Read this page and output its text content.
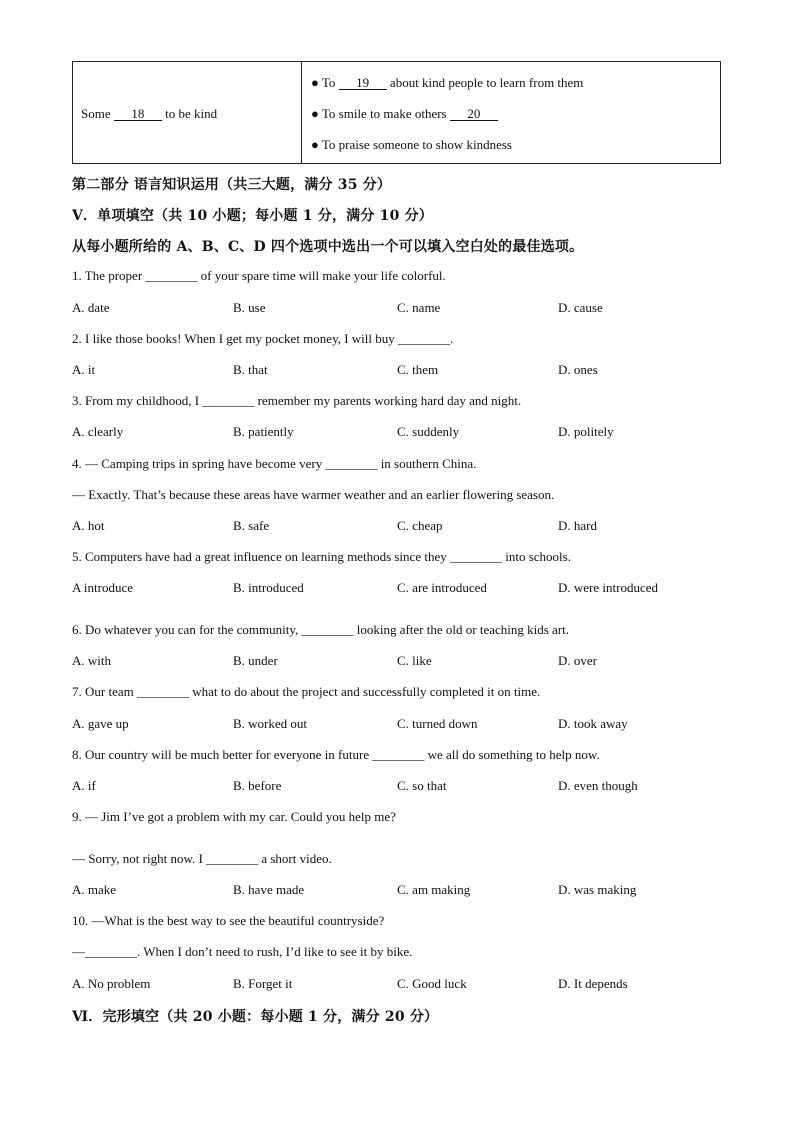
Some 18 to be kind
● To 19 about kind people to learn from them
● To smile to make others 20
● To praise someone to show kindness
第二部分 语言知识运用（共三大题，满分 35 分）
Ⅴ．单项填空（共 10 小题；每小题 1 分，满分 10 分）
从每小题所给的 A、B、C、D 四个选项中选出一个可以填入空白处的最佳选项。
1. The proper ________ of your spare time will make your life colorful.
A. date	B. use	C. name	D. cause
2. I like those books! When I get my pocket money, I will buy ________.
A. it	B. that	C. them	D. ones
3. From my childhood, I ________ remember my parents working hard day and night.
A. clearly	B. patiently	C. suddenly	D. politely
4. — Camping trips in spring have become very ________ in southern China.
— Exactly. That’s because these areas have warmer weather and an earlier flowering season.
A. hot	B. safe	C. cheap	D. hard
5. Computers have had a great influence on learning methods since they ________ into schools.
A introduce	B. introduced	C. are introduced	D. were introduced
6. Do whatever you can for the community, ________ looking after the old or teaching kids art.
A. with	B. under	C. like	D. over
7. Our team ________ what to do about the project and successfully completed it on time.
A. gave up	B. worked out	C. turned down	D. took away
8. Our country will be much better for everyone in future ________ we all do something to help now.
A. if	B. before	C. so that	D. even though
9. — Jim I’ve got a problem with my car. Could you help me?
— Sorry, not right now. I ________ a short video.
A. make	B. have made	C. am making	D. was making
10. —What is the best way to see the beautiful countryside?
—________. When I don’t need to rush, I’d like to see it by bike.
A. No problem	B. Forget it	C. Good luck	D. It depends
Ⅵ．完形填空（共 20 小题：每小题 1 分，满分 20 分）
